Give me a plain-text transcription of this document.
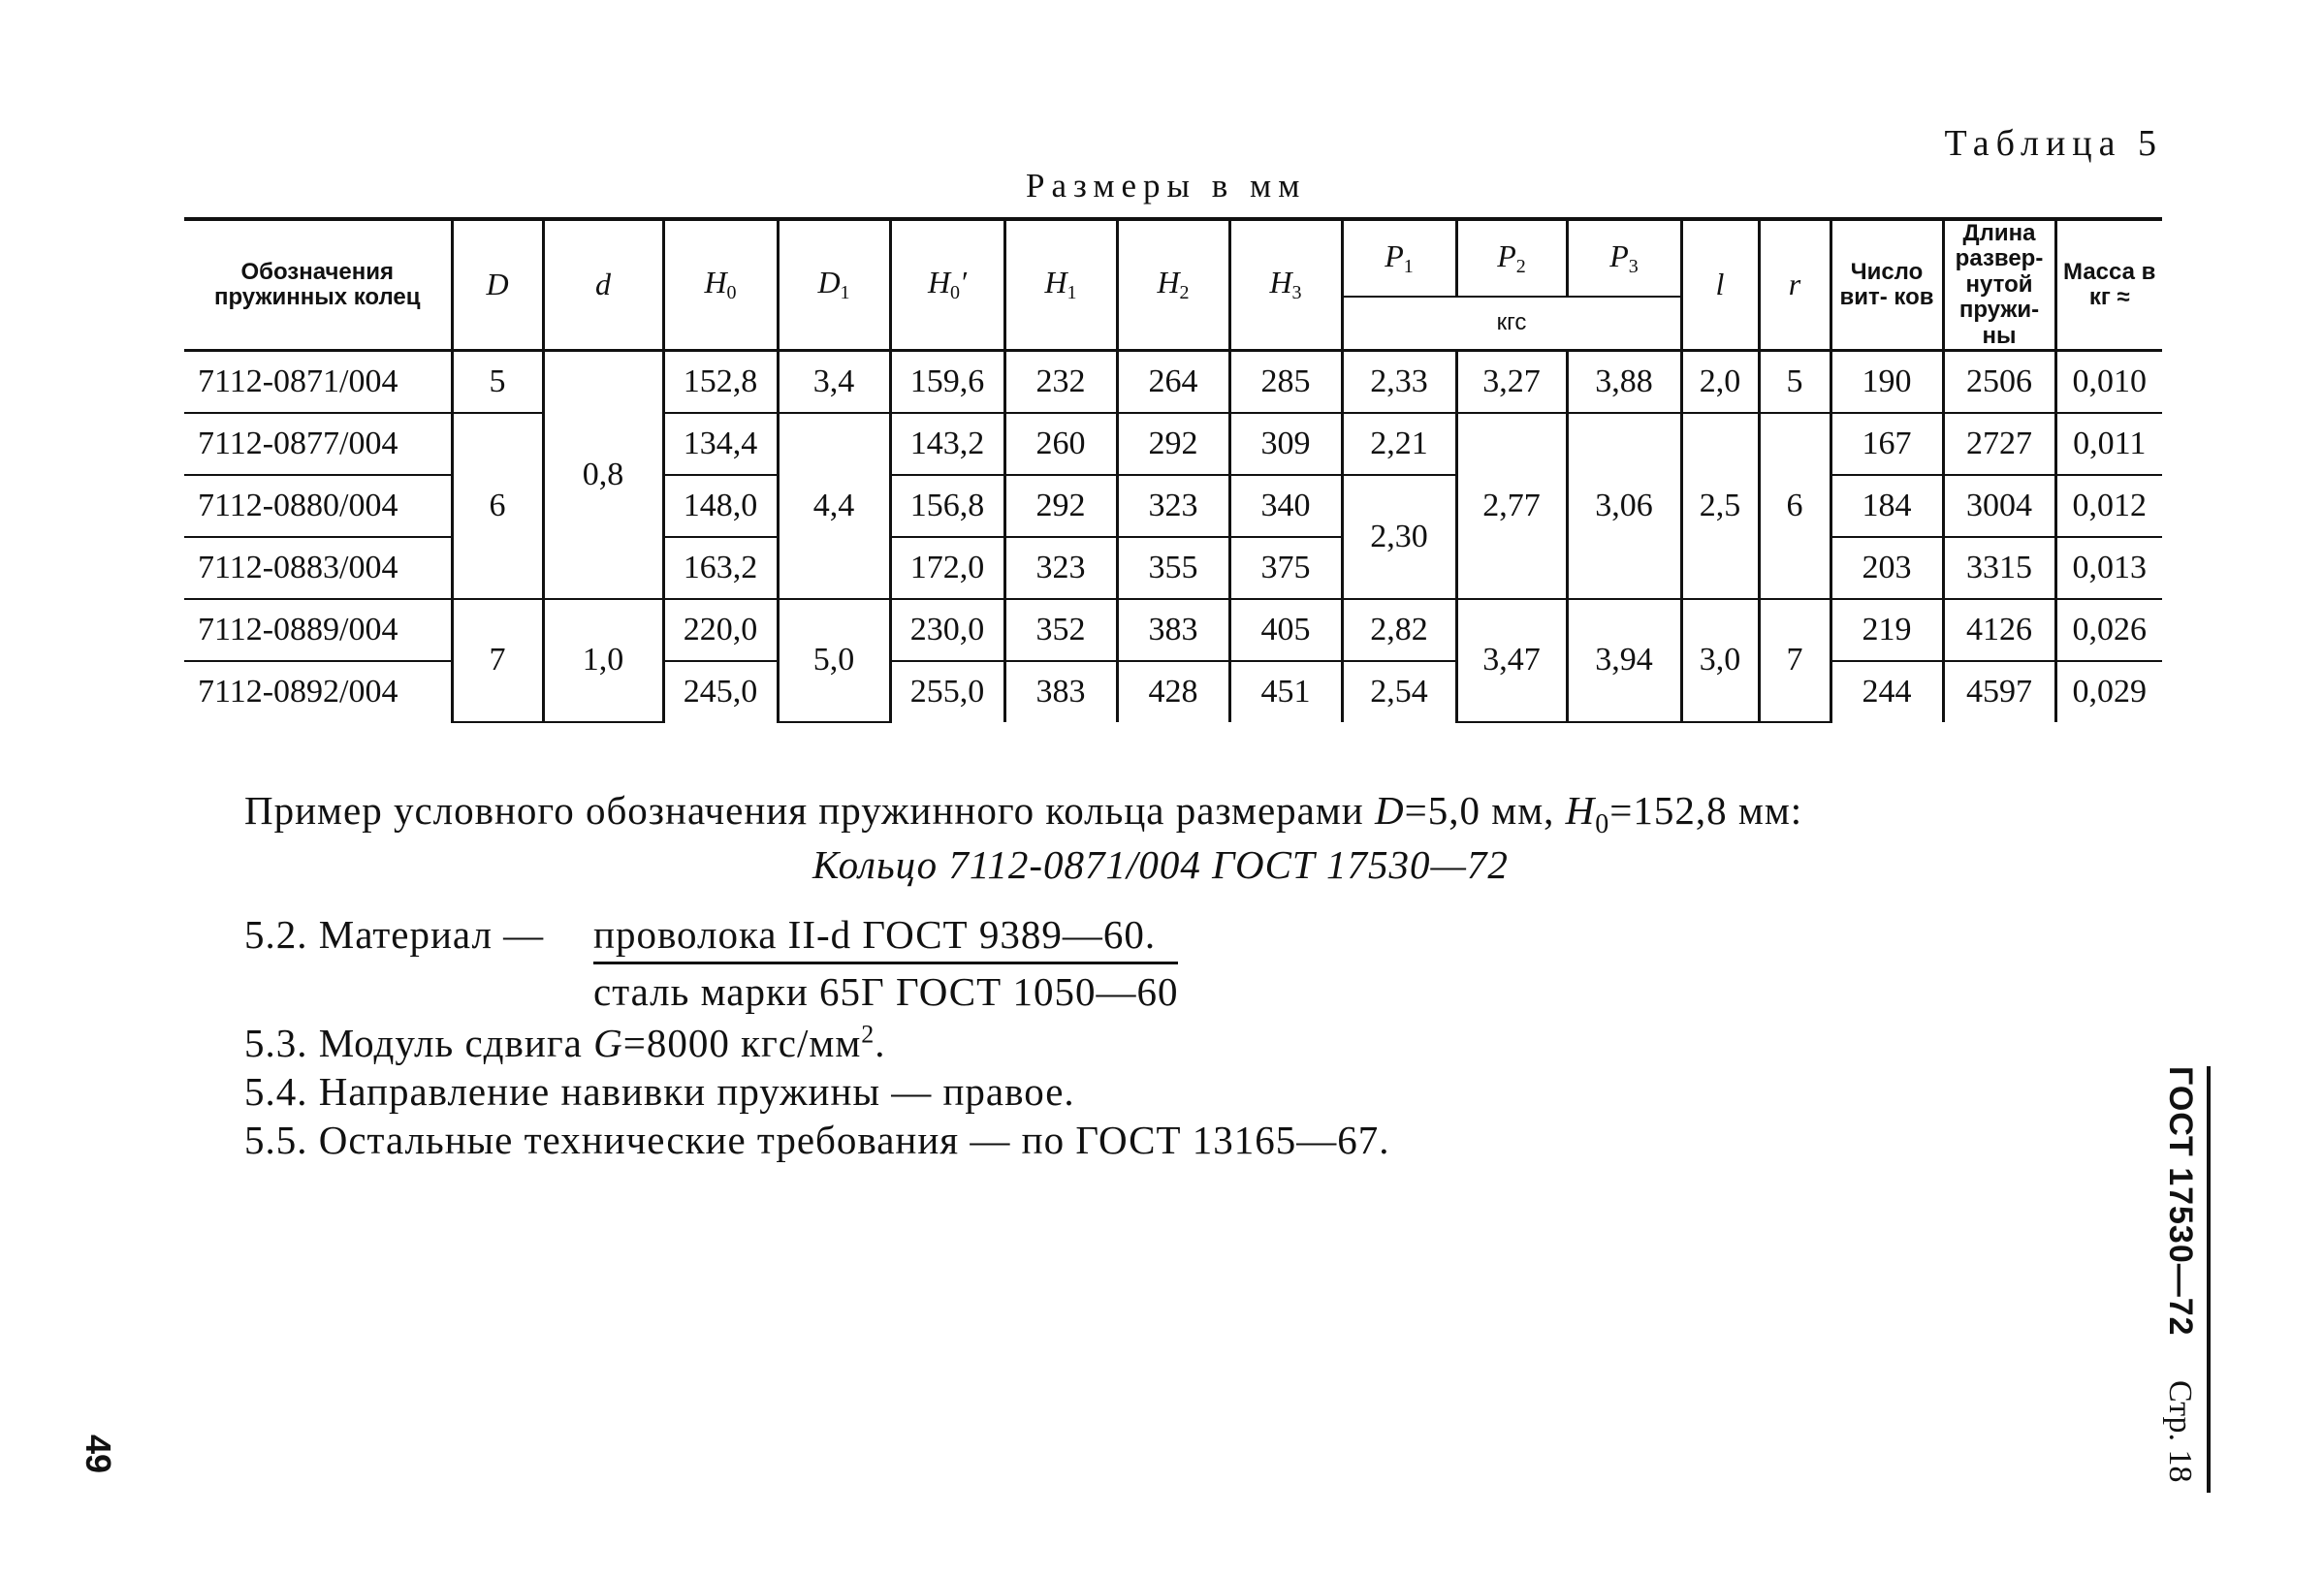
Таблица 5
Размеры в мм
Обозначения пружинных колец	D	d	$H_0$	$D_1$	$H_0'$	$H_1$	$H_2$	$H_3$	$P_1$	$P_2$	$P_3$	l	r	Число вит- ков	Длина развер- нутой пружи- ны	Масса в кг ≈
									кгс							
7112-0871/004	5	0,8	152,8	3,4	159,6	232	264	285	2,33	3,27	3,88	2,0	5	190	2506	0,010
7112-0877/004	6		134,4	4,4	143,2	260	292	309	2,21	2,77	3,06	2,5	6	167	2727	0,011
7112-0880/004			148,0		156,8	292	323	340	2,30					184	3004	0,012
7112-0883/004			163,2		172,0	323	355	375						203	3315	0,013
7112-0889/004	7	1,0	220,0	5,0	230,0	352	383	405	2,82	3,47	3,94	3,0	7	219	4126	0,026
7112-0892/004			245,0		255,0	383	428	451	2,54					244	4597	0,029
Пример условного обозначения пружинного кольца размерами D=5,0 мм, $H_0=152,8$ мм:
Кольцо 7112-0871/004 ГОСТ 17530—72
5.2. Материал — проволока II-d ГОСТ 9389—60.
сталь марки 65Г ГОСТ 1050—60
5.3. Модуль сдвига G=8000 кгс/$мм^2$.
5.4. Направление навивки пружины — правое.
5.5. Остальные технические требования — по ГОСТ 13165—67.	ГОСТ 17530—72 Стр. 18
49
